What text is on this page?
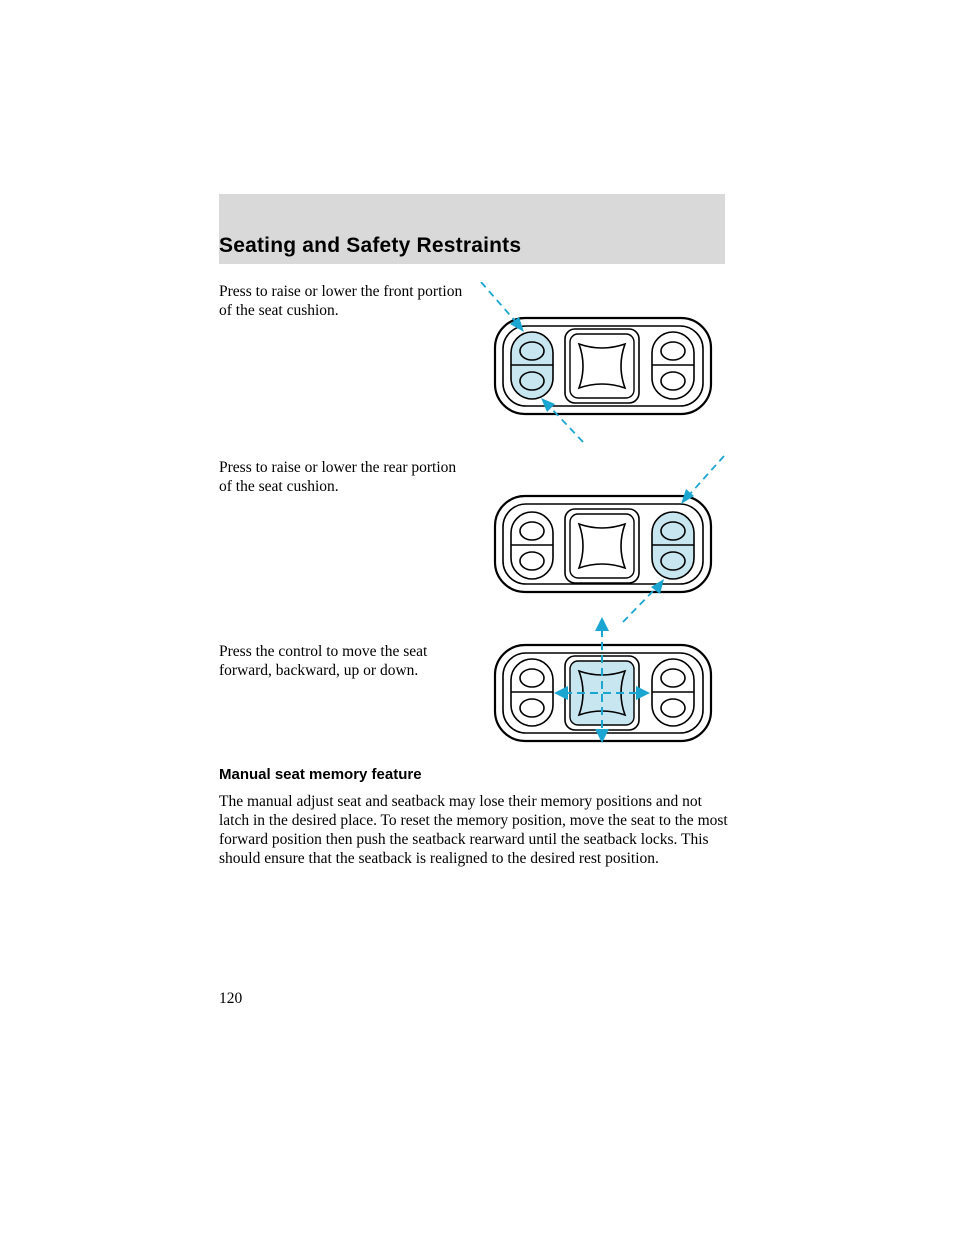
Seating and Safety Restraints

Press to raise or lower the front portion of the seat cushion.

Press to raise or lower the rear portion of the seat cushion.

Press the control to move the seat forward, backward, up or down.

Manual seat memory feature

The manual adjust seat and seatback may lose their memory positions and not latch in the desired place. To reset the memory position, move the seat to the most forward position then push the seatback rearward until the seatback locks. This should ensure that the seatback is realigned to the desired rest position.

120
